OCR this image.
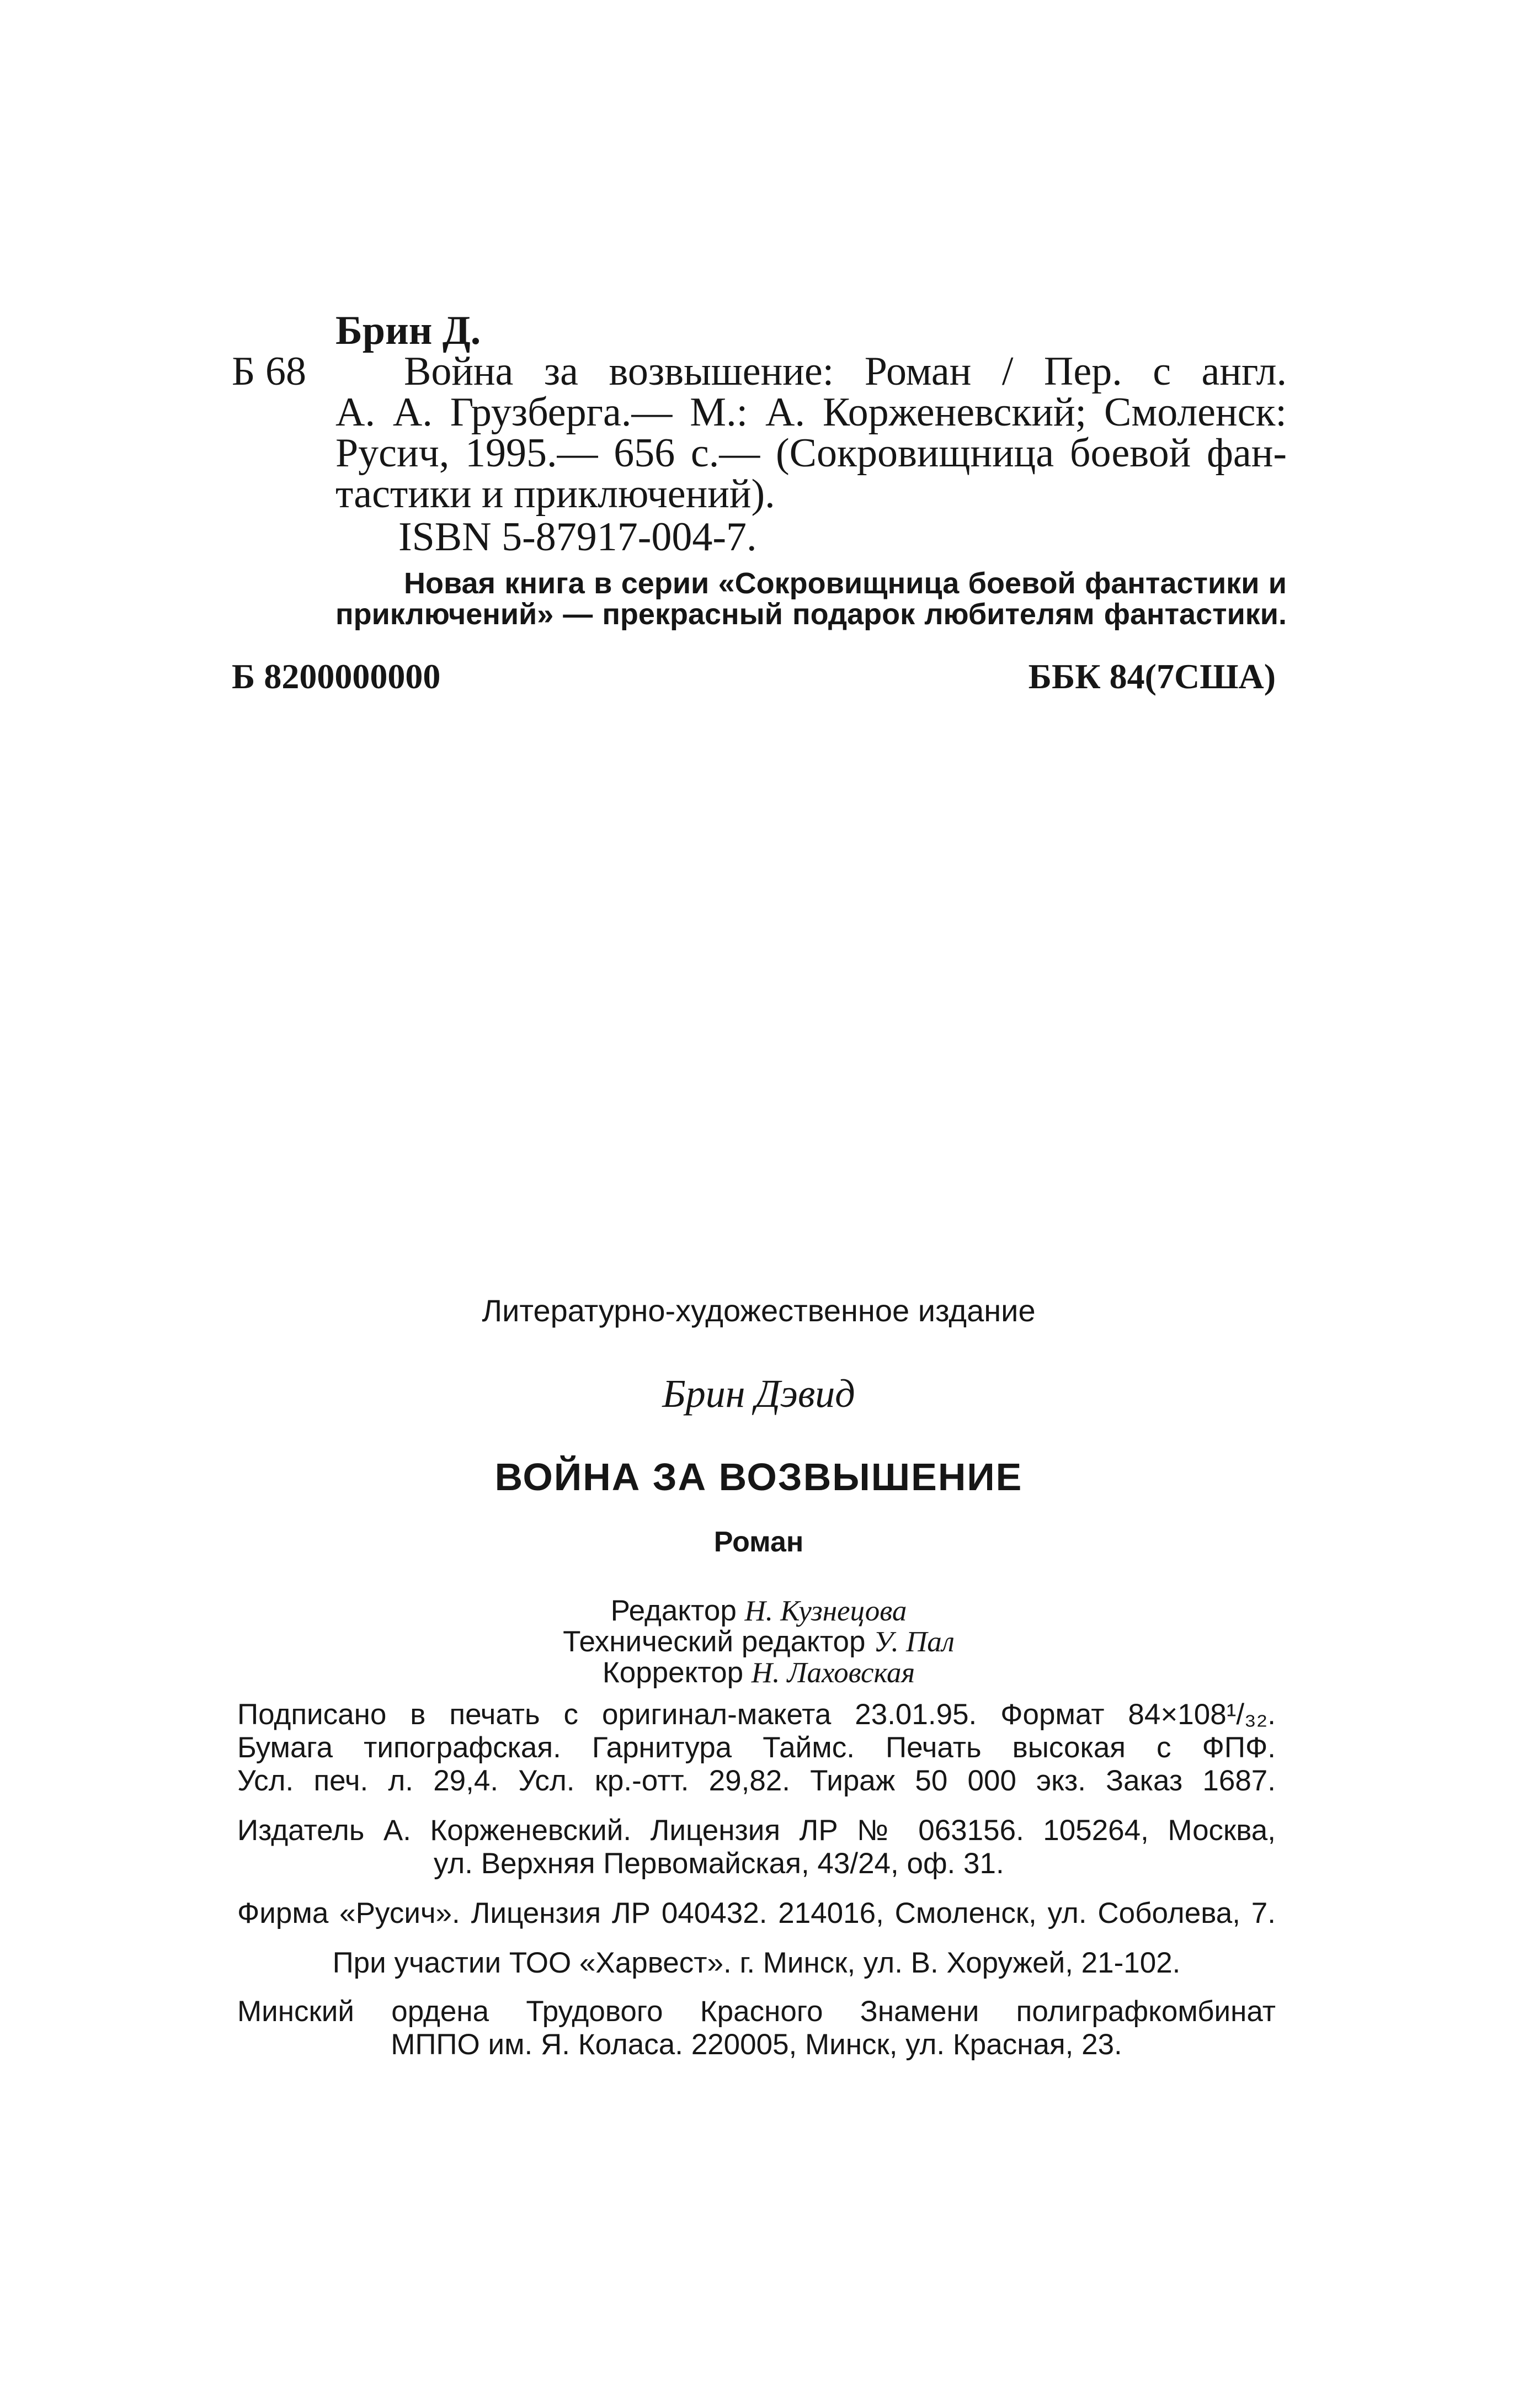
Брин Д.
Б 68 Война за возвышение: Роман / Пер. с англ.
А. А. Грузберга.— М.: А. Корженевский; Смоленск:
Русич, 1995.— 656 с.— (Сокровищница боевой фан-
тастики и приключений).
ISBN 5-87917-004-7.
Новая книга в серии «Сокровищница боевой фантастики и
приключений» — прекрасный подарок любителям фантастики.
Б 8200000000	ББК 84(7США)
Литературно-художественное издание
Брин Дэвид
ВОЙНА ЗА ВОЗВЫШЕНИЕ
Роман
Редактор Н. Кузнецова
Технический редактор У. Пал
Корректор Н. Лаховская
Подписано в печать с оригинал-макета 23.01.95. Формат 84×108¹/₃₂.
Бумага типографская. Гарнитура Таймс. Печать высокая с ФПФ.
Усл. печ. л. 29,4. Усл. кр.-отт. 29,82. Тираж 50 000 экз. Заказ 1687.
Издатель А. Корженевский. Лицензия ЛР № 063156. 105264, Москва,
ул. Верхняя Первомайская, 43/24, оф. 31.
Фирма «Русич». Лицензия ЛР 040432. 214016, Смоленск, ул. Соболева, 7.
При участии ТОО «Харвест». г. Минск, ул. В. Хоружей, 21-102.
Минский ордена Трудового Красного Знамени полиграфкомбинат
МППО им. Я. Коласа. 220005, Минск, ул. Красная, 23.
